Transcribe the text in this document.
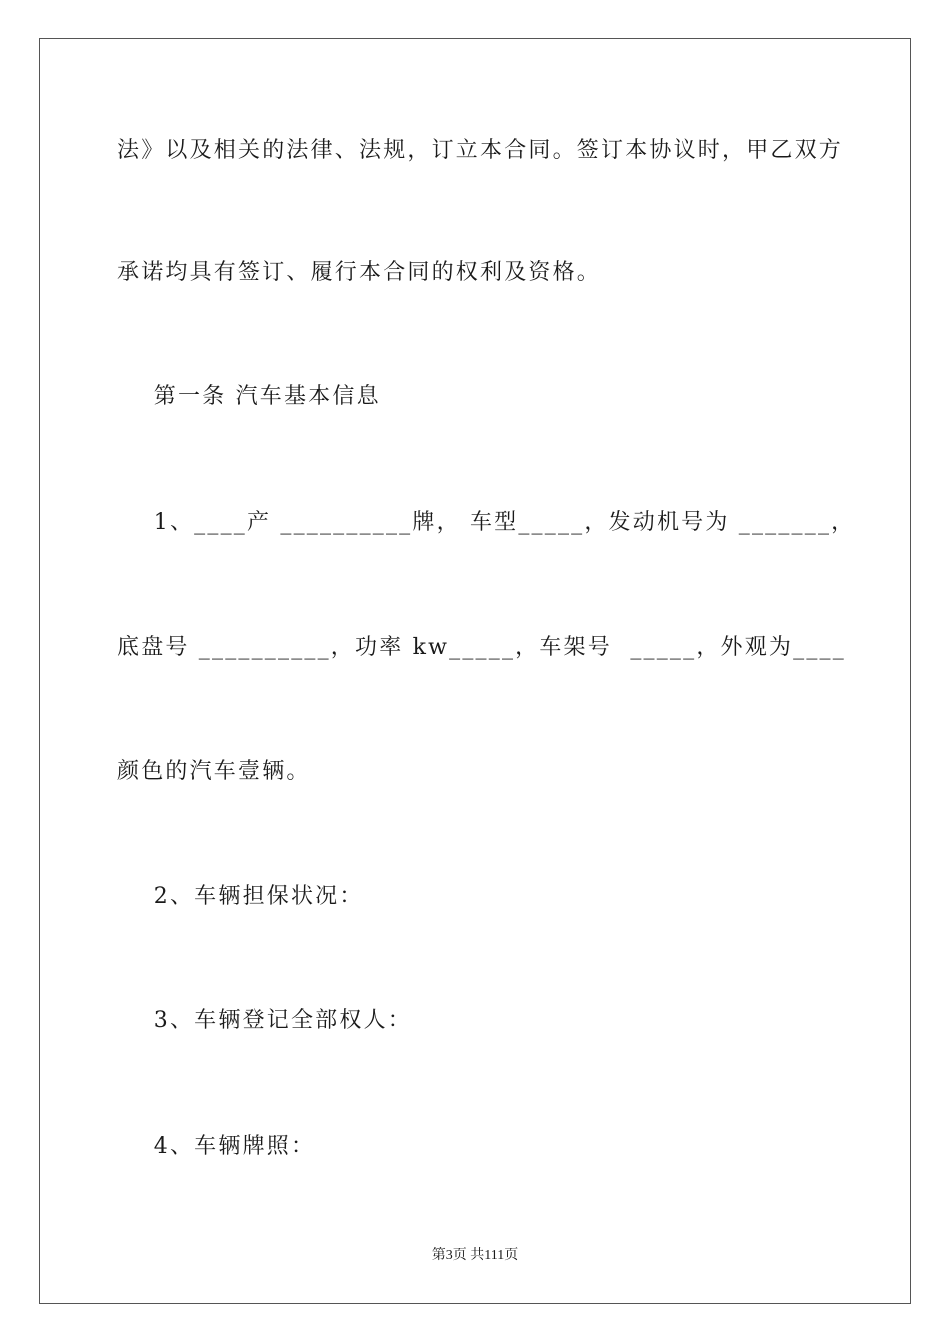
法》以及相关的法律、法规，订立本合同。签订本协议时，甲乙双方
承诺均具有签订、履行本合同的权利及资格。
第一条 汽车基本信息
1、____产 __________牌， 车型_____，发动机号为 _______，
底盘号 __________，功率 kw_____，车架号  _____，外观为____
颜色的汽车壹辆。
2、车辆担保状况：
3、车辆登记全部权人：
4、车辆牌照：
第3页 共111页
